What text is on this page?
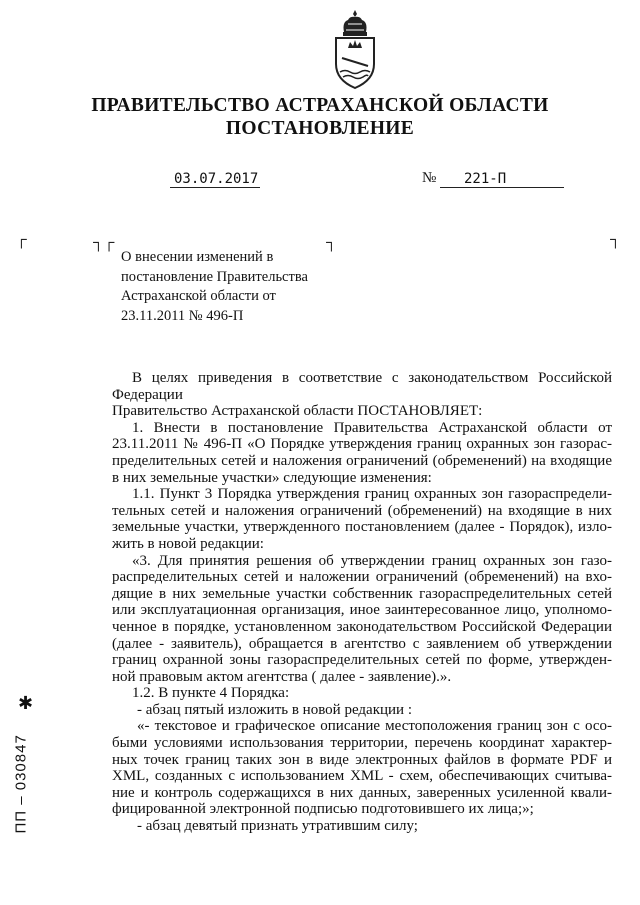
ПРАВИТЕЛЬСТВО АСТРАХАНСКОЙ ОБЛАСТИ
ПОСТАНОВЛЕНИЕ
03.07.2017	№	221-П
┌	┐┌	┐	┐
О внесении изменений в
постановление Правительства
Астраханской области от
23.11.2011 № 496-П

В целях приведения в соответствие с законодательством Российской Федерации

Правительство Астраханской области ПОСТАНОВЛЯЕТ:

1. Внести в постановление Правительства Астраханской области от 23.11.2011 № 496-П «О Порядке утверждения границ охранных зон газорас-пределительных сетей и наложения ограничений (обременений) на входящие в них земельные участки» следующие изменения:

1.1. Пункт 3 Порядка утверждения границ охранных зон газораспредели-тельных сетей и наложения ограничений (обременений) на входящие в них земельные участки, утвержденного постановлением (далее - Порядок), изло-жить в новой редакции:

«3. Для принятия решения об утверждении границ охранных зон газо-распределительных сетей и наложении ограничений (обременений) на вхо-дящие в них земельные участки собственник газораспределительных сетей или эксплуатационная организация, иное заинтересованное лицо, уполномо-ченное в порядке, установленном законодательством Российской Федерации (далее - заявитель), обращается в агентство с заявлением об утверждении границ охранной зоны газораспределительных сетей по форме, утвержден-ной правовым актом агентства ( далее - заявление).».

1.2. В пункте 4 Порядка:

- абзац пятый изложить в новой редакции :

«- текстовое и графическое описание местоположения границ зон с осо-быми условиями использования территории, перечень координат характер-ных точек границ таких зон в виде электронных файлов в формате PDF и XML, созданных с использованием XML - схем, обеспечивающих считыва-ние и контроль содержащихся в них данных, заверенных усиленной квали-фицированной электронной подписью подготовившего их лица;»;

- абзац девятый признать утратившим силу;

✱
ПП – 030847
